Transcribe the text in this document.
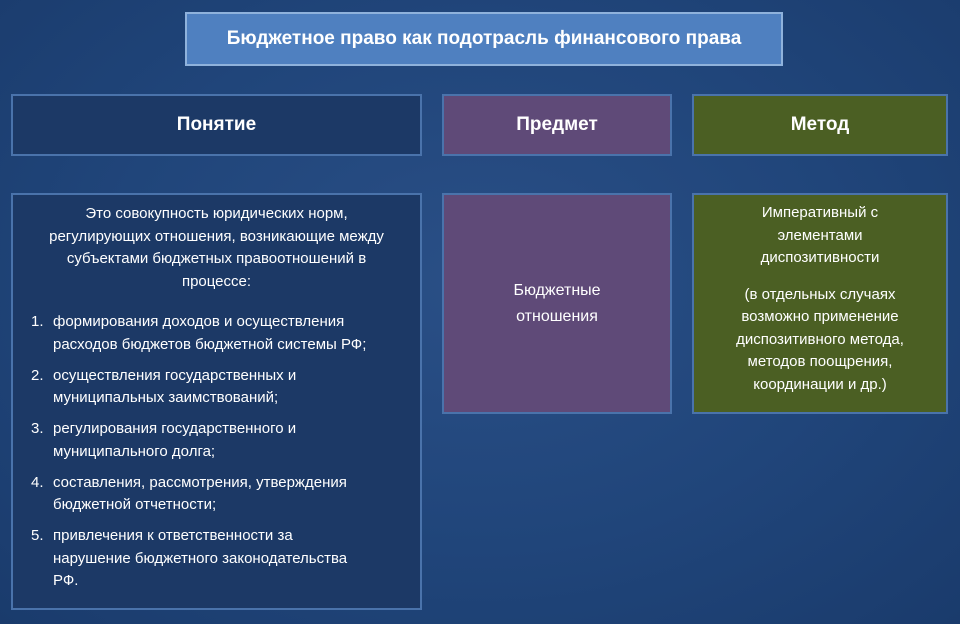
Бюджетное право как подотрасль финансового права
Понятие	Предмет	Метод
Это совокупность юридических норм,
регулирующих отношения, возникающие между
субъектами бюджетных правоотношений в
процессе:
1. формирования доходов и осуществления
расходов бюджетов бюджетной системы РФ;
2. осуществления государственных и
муниципальных заимствований;
3. регулирования государственного и
муниципального долга;
4. составления, рассмотрения, утверждения
бюджетной отчетности;
5. привлечения к ответственности за
нарушение бюджетного законодательства
РФ.
Бюджетные
отношения
Императивный с
элементами
диспозитивности
(в отдельных случаях
возможно применение
диспозитивного метода,
методов поощрения,
координации и др.)
